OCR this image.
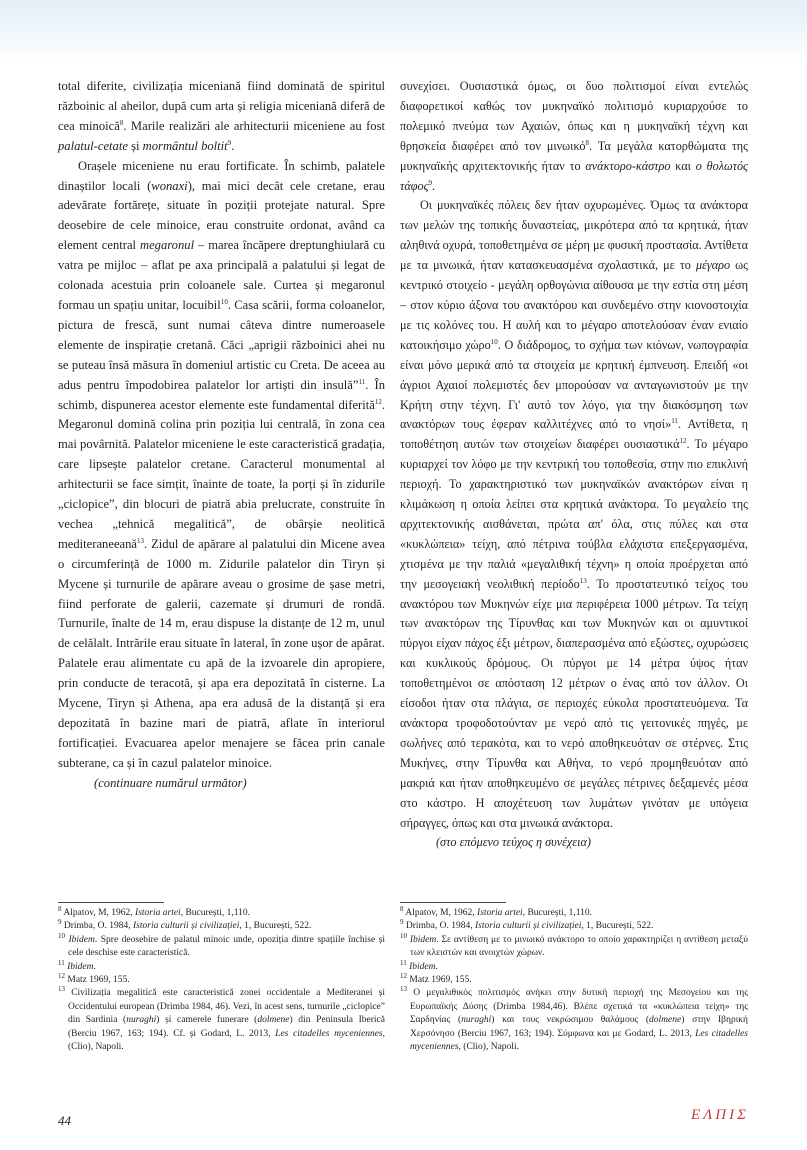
total diferite, civilizația miceniană fiind dominată de spiritul războinic al aheilor, după cum arta și religia miceniană diferă de cea minoică$^8$. Marile realizări ale arhitecturii miceniene au fost palatul-cetate și mormântul boltit$^9$.

Orașele miceniene nu erau fortificate. În schimb, palatele dinaștilor locali (wonaxi), mai mici decât cele cretane, erau adevărate fortărețe, situate în poziții protejate natural. Spre deosebire de cele minoice, erau construite ordonat, având ca element central megaronul – marea încăpere dreptunghiulară cu vatra pe mijloc – aflat pe axa principală a palatului și legat de colonada acestuia prin coloanele sale. Curtea și megaronul formau un spațiu unitar, locuibil$^{10}$. Casa scării, forma coloanelor, pictura de frescă, sunt numai câteva dintre numeroasele elemente de inspirație cretană. Căci „aprigii războinici ahei nu se puteau însă măsura în domeniul artistic cu Creta. De aceea au adus pentru împodobirea palatelor lor artiști din insulă”$^{11}$. În schimb, dispunerea acestor elemente este fundamental diferită$^{12}$. Megaronul domină colina prin poziția lui centrală, în zona cea mai povârnită. Palatelor miceniene le este caracteristică gradația, care lipsește palatelor cretane. Caracterul monumental al arhitecturii se face simțit, înainte de toate, la porți și în zidurile „ciclopice”, din blocuri de piatră abia prelucrate, construite în vechea „tehnică megalitică”, de obârșie neolitică mediteraneeană$^{13}$. Zidul de apărare al palatului din Micene avea o circumferință de 1000 m. Zidurile palatelor din Tiryn și Mycene și turnurile de apărare aveau o grosime de șase metri, fiind perforate de galerii, cazemate și drumuri de rondă. Turnurile, înalte de 14 m, erau dispuse la distanțe de 12 m, unul de celălalt. Intrările erau situate în lateral, în zone ușor de apărat. Palatele erau alimentate cu apă de la izvoarele din apropiere, prin conducte de teracotă, și apa era depozitată în cisterne. La Mycene, Tiryn și Athena, apa era adusă de la distanță și era depozitată în bazine mari de piatră, aflate în interiorul fortificației. Evacuarea apelor menajere se făcea prin canale subterane, ca și în cazul palatelor minoice.

(continuare numărul următor)

συνεχίσει. Ουσιαστικά όμως, οι δυο πολιτισμοί είναι εντελώς διαφορετικοί καθώς τον μυκηναϊκό πολιτισμό κυριαρχούσε το πολεμικό πνεύμα των Αχαιών, όπως και η μυκηναϊκή τέχνη και θρησκεία διαφέρει από τον μινωικό$^8$. Τα μεγάλα κατορθώματα της μυκηναϊκής αρχιτεκτονικής ήταν το ανάκτορο-κάστρο και ο θολωτός τάφος$^9$.

Οι μυκηναϊκές πόλεις δεν ήταν οχυρωμένες. Όμως τα ανάκτορα των μελών της τοπικής δυναστείας, μικρότερα από τα κρητικά, ήταν αληθινά οχυρά, τοποθετημένα σε μέρη με φυσική προστασία. Αντίθετα με τα μινωικά, ήταν κατασκευασμένα σχολαστικά, με το μέγαρο ως κεντρικό στοιχείο - μεγάλη ορθογώνια αίθουσα με την εστία στη μέση – στον κύριο άξονα του ανακτόρου και συνδεμένο στην κιονοστοιχία με τις κολόνες του. Η αυλή και το μέγαρο αποτελούσαν έναν ενιαίο κατοικήσιμο χώρο$^{10}$. Ο διάδρομος, το σχήμα των κιόνων, νωπογραφία είναι μόνο μερικά από τα στοιχεία με κρητική έμπνευση. Επειδή «οι άγριοι Αχαιοί πολεμιστές δεν μπορούσαν να ανταγωνιστούν με την Κρήτη στην τέχνη. Γι' αυτό τον λόγο, για την διακόσμηση των ανακτόρων τους έφεραν καλλιτέχνες από το νησί»$^{11}$. Αντίθετα, η τοποθέτηση αυτών των στοιχείων διαφέρει ουσιαστικά$^{12}$. Το μέγαρο κυριαρχεί τον λόφο με την κεντρική του τοποθεσία, στην πιο επικλινή περιοχή. Το χαρακτηριστικό των μυκηναϊκών ανακτόρων είναι η κλιμάκωση η οποία λείπει στα κρητικά ανάκτορα. Το μεγαλείο της αρχιτεκτονικής αισθάνεται, πρώτα απ' όλα, στις πύλες και στα «κυκλώπεια» τείχη, από πέτρινα τούβλα ελάχιστα επεξεργασμένα, χτισμένα με την παλιά «μεγαλιθική τέχνη» η οποία προέρχεται από την μεσογειακή νεολιθική περίοδο$^{13}$. Το προστατευτικό τείχος του ανακτόρου των Μυκηνών είχε μια περιφέρεια 1000 μέτρων. Τα τείχη των ανακτόρων της Τίρυνθας και των Μυκηνών και οι αμυντικοί πύργοι είχαν πάχος έξι μέτρων, διαπερασμένα από εξώστες, οχυρώσεις και κυκλικούς δρόμους. Οι πύργοι με 14 μέτρα ύψος ήταν τοποθετημένοι σε απόσταση 12 μέτρων ο ένας από τον άλλον. Οι είσοδοι ήταν στα πλάγια, σε περιοχές εύκολα προστατευόμενα. Τα ανάκτορα τροφοδοτούνταν με νερό από τις γειτονικές πηγές, με σωλήνες από τερακότα, και το νερό αποθηκευόταν σε στέρνες. Στις Μυκήνες, στην Τίρυνθα και Αθήνα, το νερό προμηθευόταν από μακριά και ήταν αποθηκευμένο σε μεγάλες πέτρινες δεξαμενές μέσα στο κάστρο. Η αποχέτευση των λυμάτων γινόταν με υπόγεια σήραγγες, όπως και στα μινωικά ανάκτορα.

(στο επόμενο τεύχος η συνέχεια)

$^8$ Alpatov, M, 1962, Istoria artei, București, 1,110.

$^9$ Drimba, O. 1984, Istoria culturii și civilizației, 1, București, 522.

$^{10}$ Ibidem. Spre deosebire de palatul minoic unde, opoziția dintre spațiile închise și cele deschise este caracteristică.

$^{11}$ Ibidem.

$^{12}$ Matz 1969, 155.

$^{13}$ Civilizația megalitică este caracteristică zonei occidentale a Mediteranei și Occidentului european (Drimba 1984, 46). Vezi, în acest sens, turnurile „ciclopice” din Sardinia (nuraghi) și camerele funerare (dolmene) din Peninsula Iberică (Berciu 1967, 163; 194). Cf. și Godard, L. 2013, Les citadelles myceniennes, (Clio), Napoli.

$^8$ Alpatov, M, 1962, Istoria artei, București, 1,110.

$^9$ Drimba, O. 1984, Istoria culturii și civilizației, 1, București, 522.

$^{10}$ Ibidem. Σε αντίθεση με το μινωικό ανάκτορο το οποίο χαρακτηρίζει η αντίθεση μεταξύ των κλειστών και ανοιχτών χώρων.

$^{11}$ Ibidem.

$^{12}$ Matz 1969, 155.

$^{13}$ Ο μεγαλιθικός πολιτισμός ανήκει στην δυτική περιοχή της Μεσογείου και της Ευρωπαϊκής Δύσης (Drimba 1984,46). Βλέπε σχετικά τα «κυκλώπεια τείχη» της Σαρδηνίας (nuraghi) και τους νεκρώσιμου θαλάμους (dolmene) στην Ιβηρική Χερσόνησο (Berciu 1967, 163; 194). Σύμφωνα και με Godard, L. 2013, Les citadelles myceniennes, (Clio), Napoli.

44	ΕΛΠΙΣ
